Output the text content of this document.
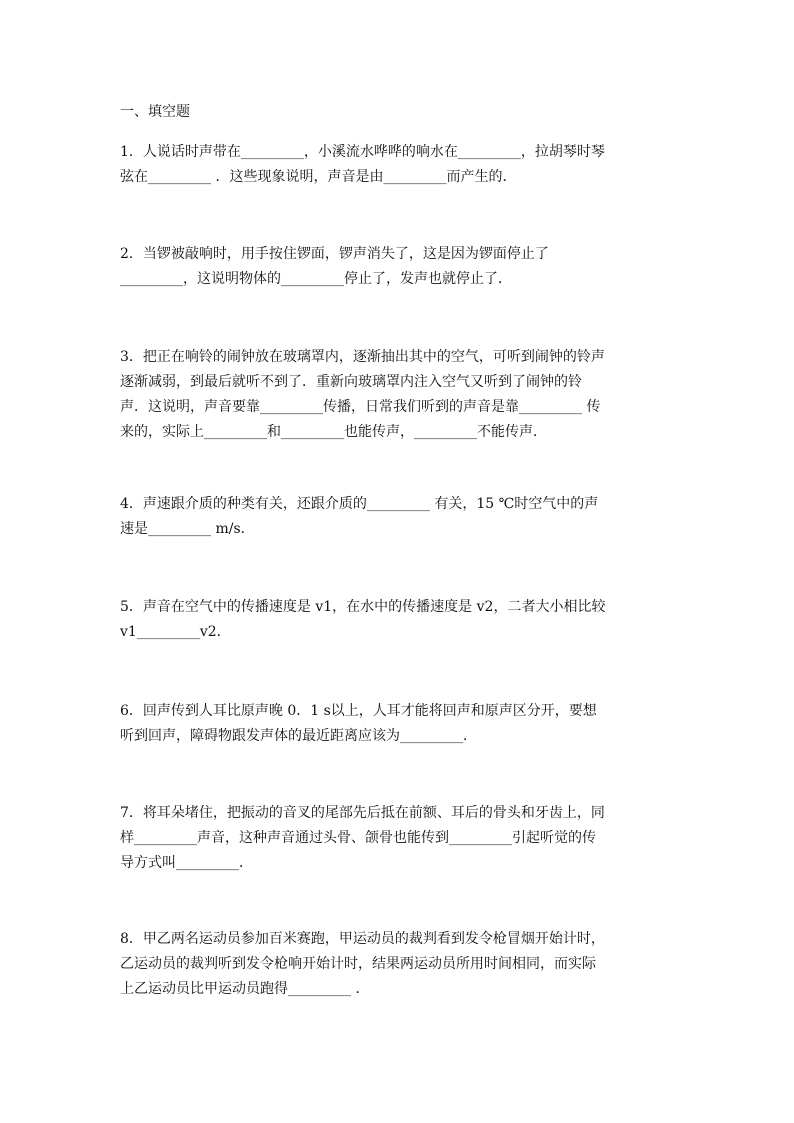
一、填空题
1．人说话时声带在_________，小溪流水哗哗的响水在_________，拉胡琴时琴
弦在_________ ．这些现象说明，声音是由_________而产生的．
2．当锣被敲响时，用手按住锣面，锣声消失了，这是因为锣面停止了
_________，这说明物体的_________停止了，发声也就停止了．
3．把正在响铃的闹钟放在玻璃罩内，逐渐抽出其中的空气，可听到闹钟的铃声
逐渐减弱，到最后就听不到了．重新向玻璃罩内注入空气又听到了闹钟的铃
声．这说明，声音要靠_________传播，日常我们听到的声音是靠_________ 传
来的，实际上_________和_________也能传声，_________不能传声．
4．声速跟介质的种类有关，还跟介质的_________ 有关，15 ℃时空气中的声
速是_________ m/s．
5．声音在空气中的传播速度是 v1，在水中的传播速度是 v2，二者大小相比较
v1_________v2．
6．回声传到人耳比原声晚 0．1 s以上，人耳才能将回声和原声区分开，要想
听到回声，障碍物跟发声体的最近距离应该为_________．
7．将耳朵堵住，把振动的音叉的尾部先后抵在前额、耳后的骨头和牙齿上，同
样_________声音，这种声音通过头骨、颌骨也能传到_________引起听觉的传
导方式叫_________．
8．甲乙两名运动员参加百米赛跑，甲运动员的裁判看到发令枪冒烟开始计时，
乙运动员的裁判听到发令枪响开始计时，结果两运动员所用时间相同，而实际
上乙运动员比甲运动员跑得_________ ．
